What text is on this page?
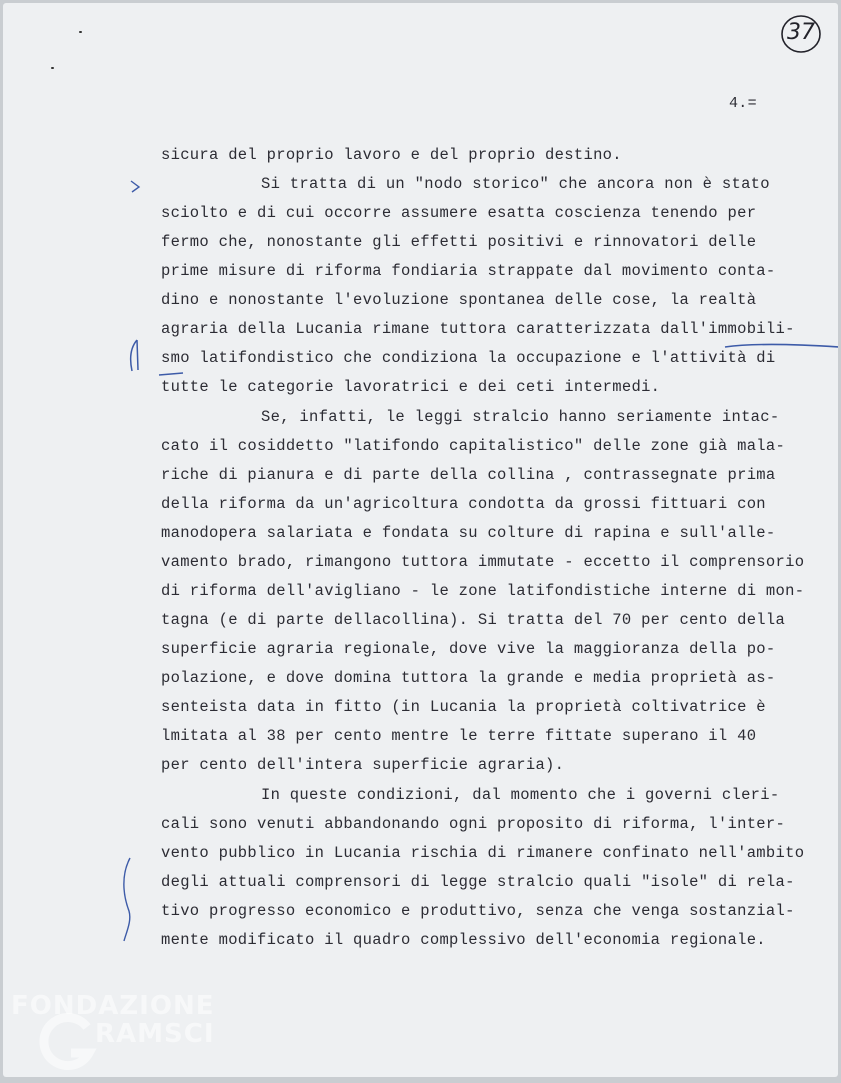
37

4.=

sicura del proprio lavoro e del proprio destino.

Si tratta di un "nodo storico" che ancora non è stato

sciolto e di cui occorre assumere esatta coscienza tenendo per

fermo che, nonostante gli effetti positivi e rinnovatori delle

prime misure di riforma fondiaria strappate dal movimento conta-

dino e nonostante l'evoluzione spontanea delle cose, la realtà

agraria della Lucania rimane tuttora caratterizzata dall'immobili-

smo latifondistico che condiziona la occupazione e l'attività di

tutte le categorie lavoratrici e dei ceti intermedi.

Se, infatti, le leggi stralcio hanno seriamente intac-

cato il cosiddetto "latifondo capitalistico" delle zone già mala-

riche di pianura e di parte della collina , contrassegnate prima

della riforma da un'agricoltura condotta da grossi fittuari con

manodopera salariata e fondata su colture di rapina e sull'alle-

vamento brado, rimangono tuttora immutate - eccetto il comprensorio

di riforma dell'avigliano - le zone latifondistiche interne di mon-

tagna (e di parte dellacollina). Si tratta del 70 per cento della

superficie agraria regionale, dove vive la maggioranza della po-

polazione, e dove domina tuttora la grande e media proprietà as-

senteista data in fitto (in Lucania la proprietà coltivatrice è

lmitata al 38 per cento mentre le terre fittate superano il 40

per cento dell'intera superficie agraria).

In queste condizioni, dal momento che i governi cleri-

cali sono venuti abbandonando ogni proposito di riforma, l'inter-

vento pubblico in Lucania rischia di rimanere confinato nell'ambito

degli attuali comprensori di legge stralcio quali "isole" di rela-

tivo progresso economico e produttivo, senza che venga sostanzial-

mente modificato il quadro complessivo dell'economia regionale.

FONDAZIONE
RAMSCI
